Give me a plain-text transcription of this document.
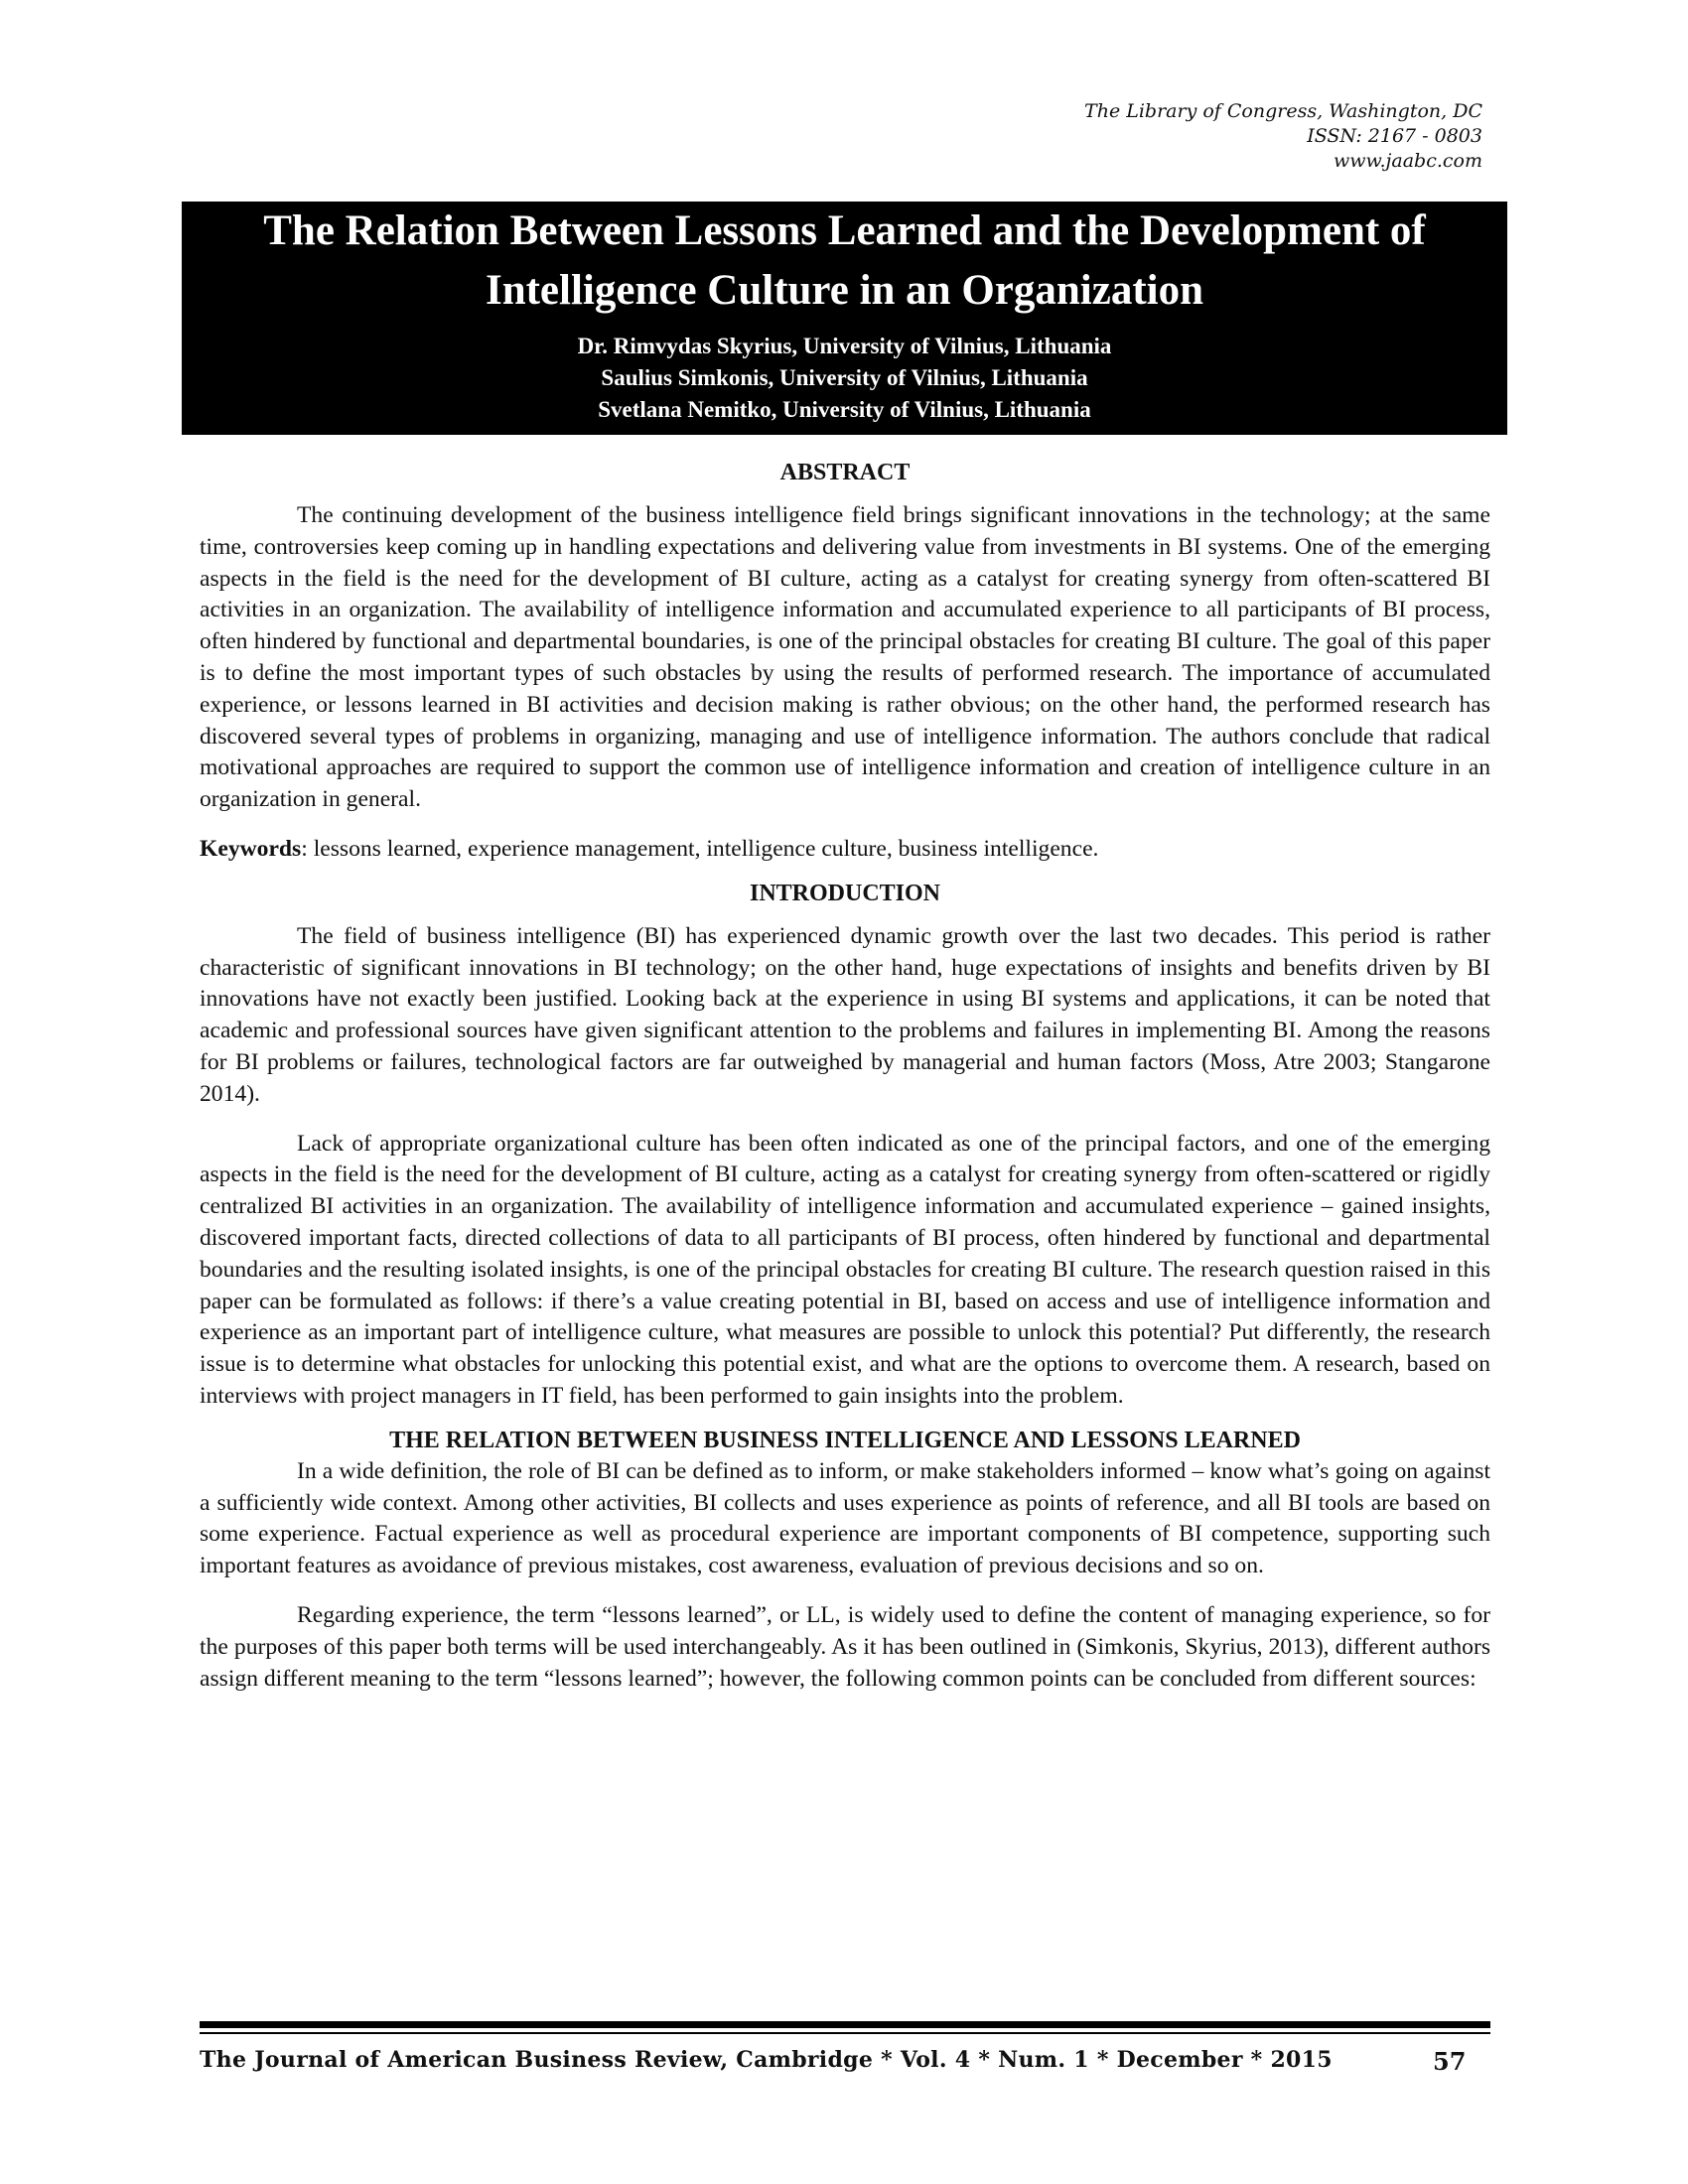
The Library of Congress, Washington, DC
ISSN: 2167 - 0803
www.jaabc.com
The Relation Between Lessons Learned and the Development of
Intelligence Culture in an Organization
Dr. Rimvydas Skyrius, University of Vilnius, Lithuania
Saulius Simkonis, University of Vilnius, Lithuania
Svetlana Nemitko, University of Vilnius, Lithuania
ABSTRACT

The continuing development of the business intelligence field brings significant innovations in the technology; at the same time, controversies keep coming up in handling expectations and delivering value from investments in BI systems. One of the emerging aspects in the field is the need for the development of BI culture, acting as a catalyst for creating synergy from often-scattered BI activities in an organization. The availability of intelligence information and accumulated experience to all participants of BI process, often hindered by functional and departmental boundaries, is one of the principal obstacles for creating BI culture. The goal of this paper is to define the most important types of such obstacles by using the results of performed research. The importance of accumulated experience, or lessons learned in BI activities and decision making is rather obvious; on the other hand, the performed research has discovered several types of problems in organizing, managing and use of intelligence information. The authors conclude that radical motivational approaches are required to support the common use of intelligence information and creation of intelligence culture in an organization in general.

Keywords: lessons learned, experience management, intelligence culture, business intelligence.

INTRODUCTION

The field of business intelligence (BI) has experienced dynamic growth over the last two decades. This period is rather characteristic of significant innovations in BI technology; on the other hand, huge expectations of insights and benefits driven by BI innovations have not exactly been justified. Looking back at the experience in using BI systems and applications, it can be noted that academic and professional sources have given significant attention to the problems and failures in implementing BI. Among the reasons for BI problems or failures, technological factors are far outweighed by managerial and human factors (Moss, Atre 2003; Stangarone 2014).

Lack of appropriate organizational culture has been often indicated as one of the principal factors, and one of the emerging aspects in the field is the need for the development of BI culture, acting as a catalyst for creating synergy from often-scattered or rigidly centralized BI activities in an organization. The availability of intelligence information and accumulated experience – gained insights, discovered important facts, directed collections of data to all participants of BI process, often hindered by functional and departmental boundaries and the resulting isolated insights, is one of the principal obstacles for creating BI culture. The research question raised in this paper can be formulated as follows: if there’s a value creating potential in BI, based on access and use of intelligence information and experience as an important part of intelligence culture, what measures are possible to unlock this potential? Put differently, the research issue is to determine what obstacles for unlocking this potential exist, and what are the options to overcome them. A research, based on interviews with project managers in IT field, has been performed to gain insights into the problem.

THE RELATION BETWEEN BUSINESS INTELLIGENCE AND LESSONS LEARNED

In a wide definition, the role of BI can be defined as to inform, or make stakeholders informed – know what’s going on against a sufficiently wide context. Among other activities, BI collects and uses experience as points of reference, and all BI tools are based on some experience. Factual experience as well as procedural experience are important components of BI competence, supporting such important features as avoidance of previous mistakes, cost awareness, evaluation of previous decisions and so on.

Regarding experience, the term “lessons learned”, or LL, is widely used to define the content of managing experience, so for the purposes of this paper both terms will be used interchangeably. As it has been outlined in (Simkonis, Skyrius, 2013), different authors assign different meaning to the term “lessons learned”; however, the following common points can be concluded from different sources:

The Journal of American Business Review, Cambridge * Vol. 4 * Num. 1 * December * 2015	57
